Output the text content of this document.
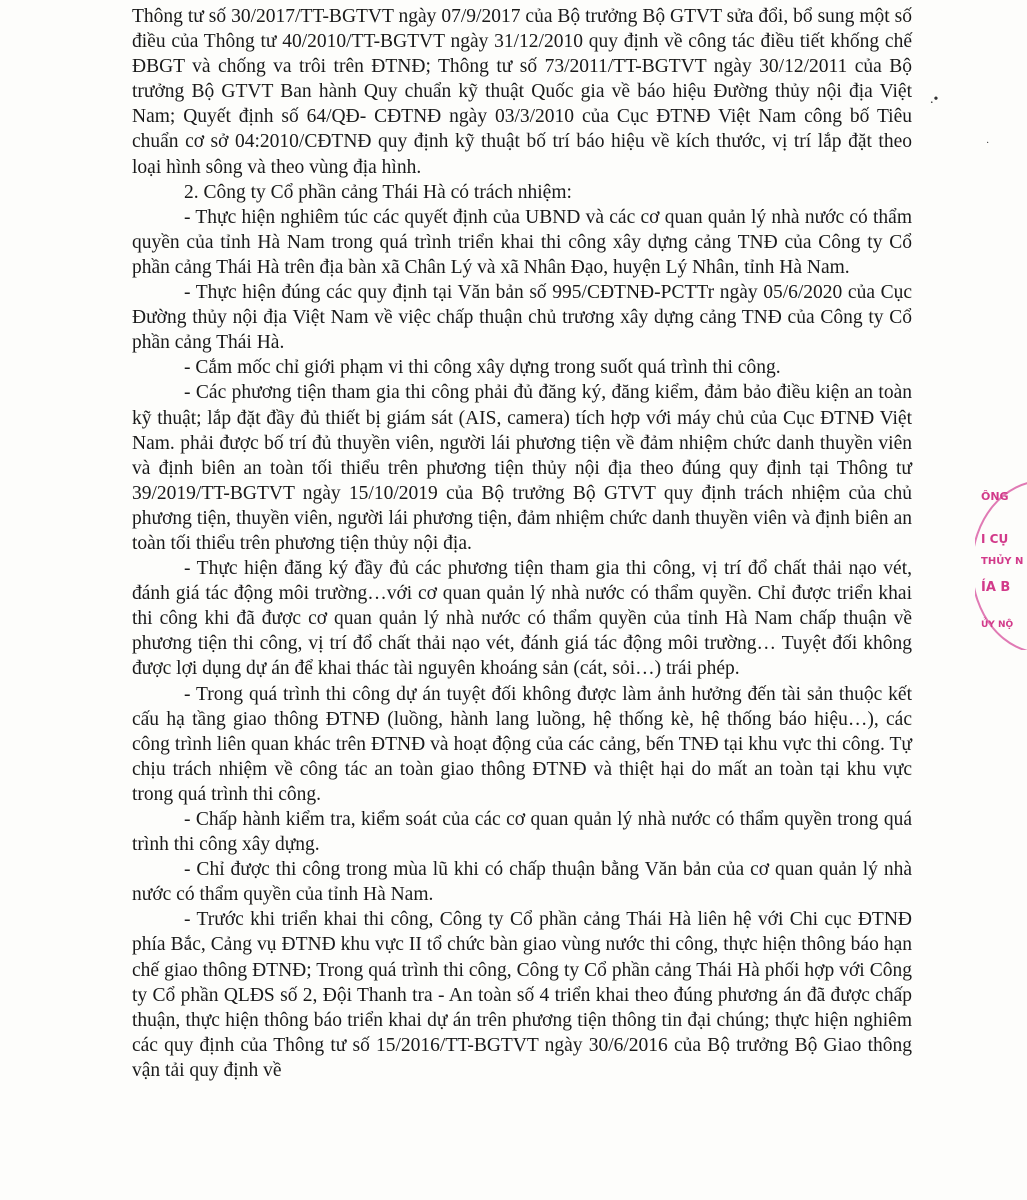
Thông tư số 30/2017/TT-BGTVT ngày 07/9/2017 của Bộ trưởng Bộ GTVT sửa đổi, bổ sung một số điều của Thông tư 40/2010/TT-BGTVT ngày 31/12/2010 quy định về công tác điều tiết khống chế ĐBGT và chống va trôi trên ĐTNĐ; Thông tư số 73/2011/TT-BGTVT ngày 30/12/2011 của Bộ trưởng Bộ GTVT Ban hành Quy chuẩn kỹ thuật Quốc gia về báo hiệu Đường thủy nội địa Việt Nam; Quyết định số 64/QĐ- CĐTNĐ ngày 03/3/2010 của Cục ĐTNĐ Việt Nam công bố Tiêu chuẩn cơ sở 04:2010/CĐTNĐ quy định kỹ thuật bố trí báo hiệu về kích thước, vị trí lắp đặt theo loại hình sông và theo vùng địa hình.

2. Công ty Cổ phần cảng Thái Hà có trách nhiệm:

- Thực hiện nghiêm túc các quyết định của UBND và các cơ quan quản lý nhà nước có thẩm quyền của tỉnh Hà Nam trong quá trình triển khai thi công xây dựng cảng TNĐ của Công ty Cổ phần cảng Thái Hà trên địa bàn xã Chân Lý và xã Nhân Đạo, huyện Lý Nhân, tỉnh Hà Nam.

- Thực hiện đúng các quy định tại Văn bản số 995/CĐTNĐ-PCTTr ngày 05/6/2020 của Cục Đường thủy nội địa Việt Nam về việc chấp thuận chủ trương xây dựng cảng TNĐ của Công ty Cổ phần cảng Thái Hà.

- Cắm mốc chỉ giới phạm vi thi công xây dựng trong suốt quá trình thi công.

- Các phương tiện tham gia thi công phải đủ đăng ký, đăng kiểm, đảm bảo điều kiện an toàn kỹ thuật; lắp đặt đầy đủ thiết bị giám sát (AIS, camera) tích hợp với máy chủ của Cục ĐTNĐ Việt Nam. phải được bố trí đủ thuyền viên, người lái phương tiện về đảm nhiệm chức danh thuyền viên và định biên an toàn tối thiểu trên phương tiện thủy nội địa theo đúng quy định tại Thông tư 39/2019/TT-BGTVT ngày 15/10/2019 của Bộ trưởng Bộ GTVT quy định trách nhiệm của chủ phương tiện, thuyền viên, người lái phương tiện, đảm nhiệm chức danh thuyền viên và định biên an toàn tối thiểu trên phương tiện thủy nội địa.

- Thực hiện đăng ký đầy đủ các phương tiện tham gia thi công, vị trí đổ chất thải nạo vét, đánh giá tác động môi trường…với cơ quan quản lý nhà nước có thẩm quyền. Chỉ được triển khai thi công khi đã được cơ quan quản lý nhà nước có thẩm quyền của tỉnh Hà Nam chấp thuận về phương tiện thi công, vị trí đổ chất thải nạo vét, đánh giá tác động môi trường… Tuyệt đối không được lợi dụng dự án để khai thác tài nguyên khoáng sản (cát, sỏi…) trái phép.

- Trong quá trình thi công dự án tuyệt đối không được làm ảnh hưởng đến tài sản thuộc kết cấu hạ tầng giao thông ĐTNĐ (luồng, hành lang luồng, hệ thống kè, hệ thống báo hiệu…), các công trình liên quan khác trên ĐTNĐ và hoạt động của các cảng, bến TNĐ tại khu vực thi công. Tự chịu trách nhiệm về công tác an toàn giao thông ĐTNĐ và thiệt hại do mất an toàn tại khu vực trong quá trình thi công.

- Chấp hành kiểm tra, kiểm soát của các cơ quan quản lý nhà nước có thẩm quyền trong quá trình thi công xây dựng.

- Chỉ được thi công trong mùa lũ khi có chấp thuận bằng Văn bản của cơ quan quản lý nhà nước có thẩm quyền của tỉnh Hà Nam.

- Trước khi triển khai thi công, Công ty Cổ phần cảng Thái Hà liên hệ với Chi cục ĐTNĐ phía Bắc, Cảng vụ ĐTNĐ khu vực II tổ chức bàn giao vùng nước thi công, thực hiện thông báo hạn chế giao thông ĐTNĐ; Trong quá trình thi công, Công ty Cổ phần cảng Thái Hà phối hợp với Công ty Cổ phần QLĐS số 2, Đội Thanh tra - An toàn số 4 triển khai theo đúng phương án đã được chấp thuận, thực hiện thông báo triển khai dự án trên phương tiện thông tin đại chúng; thực hiện nghiêm các quy định của Thông tư số 15/2016/TT-BGTVT ngày 30/6/2016 của Bộ trưởng Bộ Giao thông vận tải quy định về

ÔNG
I CỤ
THỦY N
ÍA B
ỦY NỘ
.•
·
